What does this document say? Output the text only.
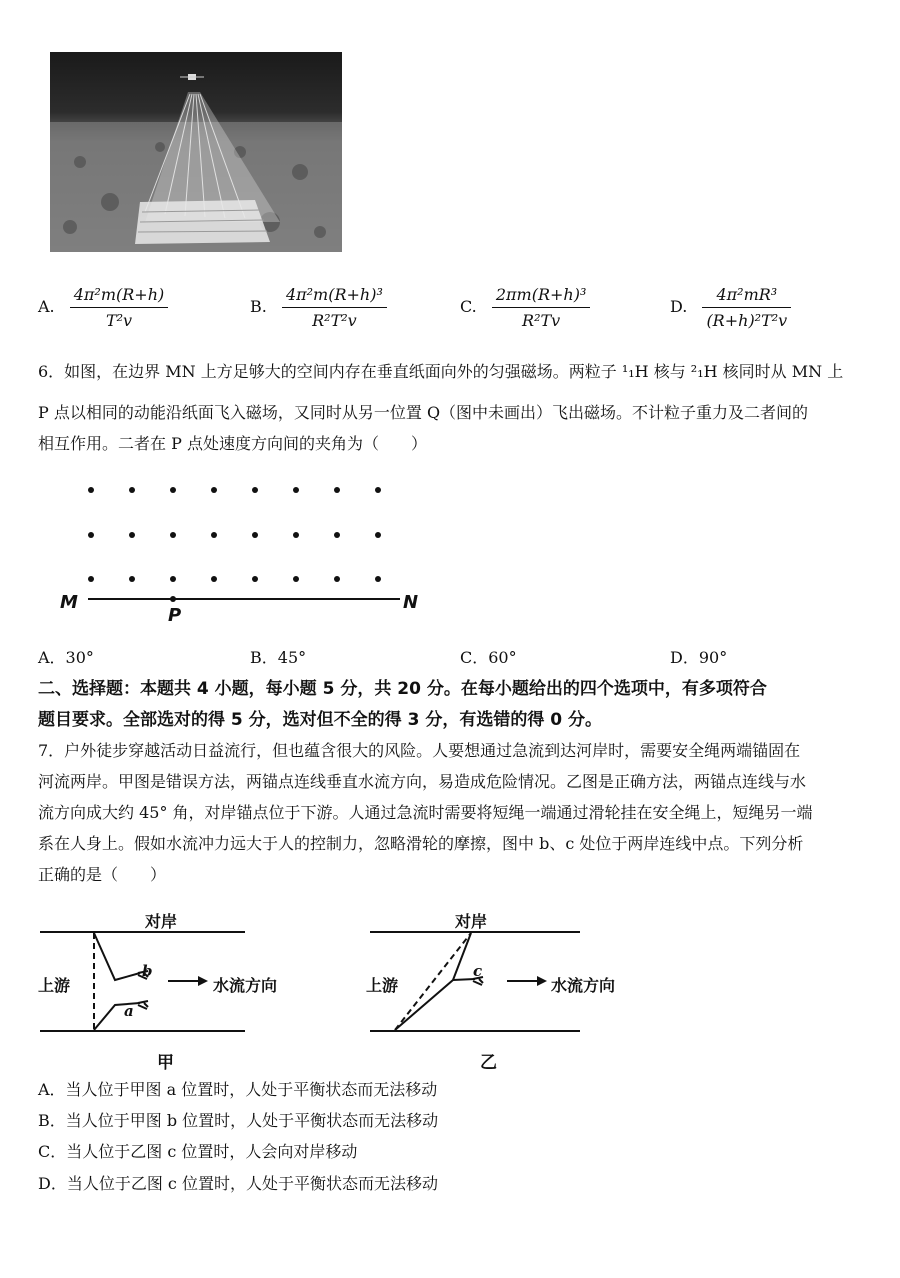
A. $\frac{\text{4π²m(R+h)}}{\text{T²v}}$	B. $\frac{\text{4π²m(R+h)³}}{\text{R²T²v}}$	C. $\frac{\text{2πm(R+h)³}}{\text{R²Tv}}$	D. $\frac{\text{4π²mR³}}{\text{(R+h)²T²v}}$
6．如图，在边界 MN 上方足够大的空间内存在垂直纸面向外的匀强磁场。两粒子 ¹₁H 核与 ²₁H 核同时从 MN 上
P 点以相同的动能沿纸面飞入磁场，又同时从另一位置 Q（图中未画出）飞出磁场。不计粒子重力及二者间的
相互作用。二者在 P 点处速度方向间的夹角为（　　）
M
P
N
A．30°	B．45°	C．60°	D．90°
二、选择题：本题共 4 小题，每小题 5 分，共 20 分。在每小题给出的四个选项中，有多项符合
题目要求。全部选对的得 5 分，选对但不全的得 3 分，有选错的得 0 分。
7．户外徒步穿越活动日益流行，但也蕴含很大的风险。人要想通过急流到达河岸时，需要安全绳两端锚固在
河流两岸。甲图是错误方法，两锚点连线垂直水流方向，易造成危险情况。乙图是正确方法，两锚点连线与水
流方向成大约 45° 角，对岸锚点位于下游。人通过急流时需要将短绳一端通过滑轮挂在安全绳上，短绳另一端
系在人身上。假如水流冲力远大于人的控制力，忽略滑轮的摩擦，图中 b、c 处位于两岸连线中点。下列分析
正确的是（　　）
对岸
上游	水流方向
b
a
甲
对岸
上游	水流方向
c
乙
A．当人位于甲图 a 位置时，人处于平衡状态而无法移动
B．当人位于甲图 b 位置时，人处于平衡状态而无法移动
C．当人位于乙图 c 位置时，人会向对岸移动
D．当人位于乙图 c 位置时，人处于平衡状态而无法移动
